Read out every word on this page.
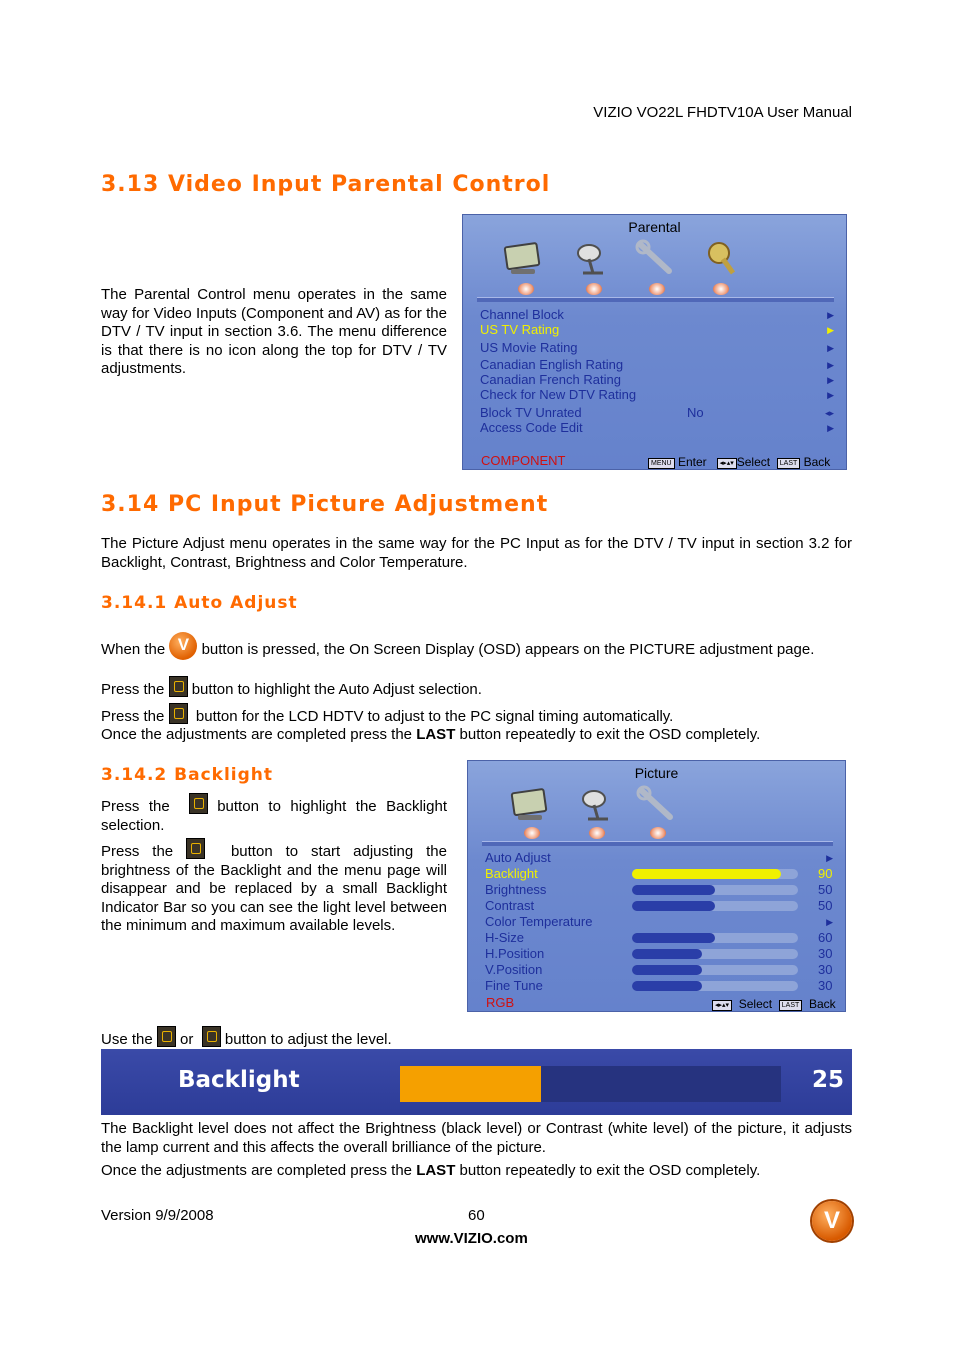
VIZIO VO22L FHDTV10A User Manual
3.13 Video Input Parental Control
The Parental Control menu operates in the same way for Video Inputs (Component and AV) as for the DTV / TV input in section 3.6. The menu difference is that there is no icon along the top for DTV / TV adjustments.
Parental
Channel Block	▶
US TV Rating	▶
US Movie Rating	▶
Canadian English Rating	▶
Canadian French Rating	▶
Check for New DTV Rating	▶
Block TV Unrated	No	◂▸
Access Code Edit	▶
COMPONENT	MENU Enter ◂▸▴▾ Select LAST Back
3.14 PC Input Picture Adjustment
The Picture Adjust menu operates in the same way for the PC Input as for the DTV / TV input in section 3.2 for Backlight, Contrast, Brightness and Color Temperature.
3.14.1 Auto Adjust
When the V button is pressed, the On Screen Display (OSD) appears on the PICTURE adjustment page.
Press the button to highlight the Auto Adjust selection.
Press the button for the LCD HDTV to adjust to the PC signal timing automatically.
Once the adjustments are completed press the LAST button repeatedly to exit the OSD completely.
3.14.2 Backlight
Press the	button to highlight the Backlight selection.
Press the	button to start adjusting the brightness of the Backlight and the menu page will disappear and be replaced by a small Backlight Indicator Bar so you can see the light level between the minimum and maximum available levels.
Picture
Auto Adjust	▶
Backlight	90
Brightness	50
Contrast	50
Color Temperature	▶
H-Size	60
H.Position	30
V.Position	30
Fine Tune	30
RGB	◂▸▴▾ Select LAST Back
Use the or button to adjust the level.
Backlight	25
The Backlight level does not affect the Brightness (black level) or Contrast (white level) of the picture, it adjusts the lamp current and this affects the overall brilliance of the picture.
Once the adjustments are completed press the LAST button repeatedly to exit the OSD completely.
Version 9/9/2008	60
www.VIZIO.com
V
